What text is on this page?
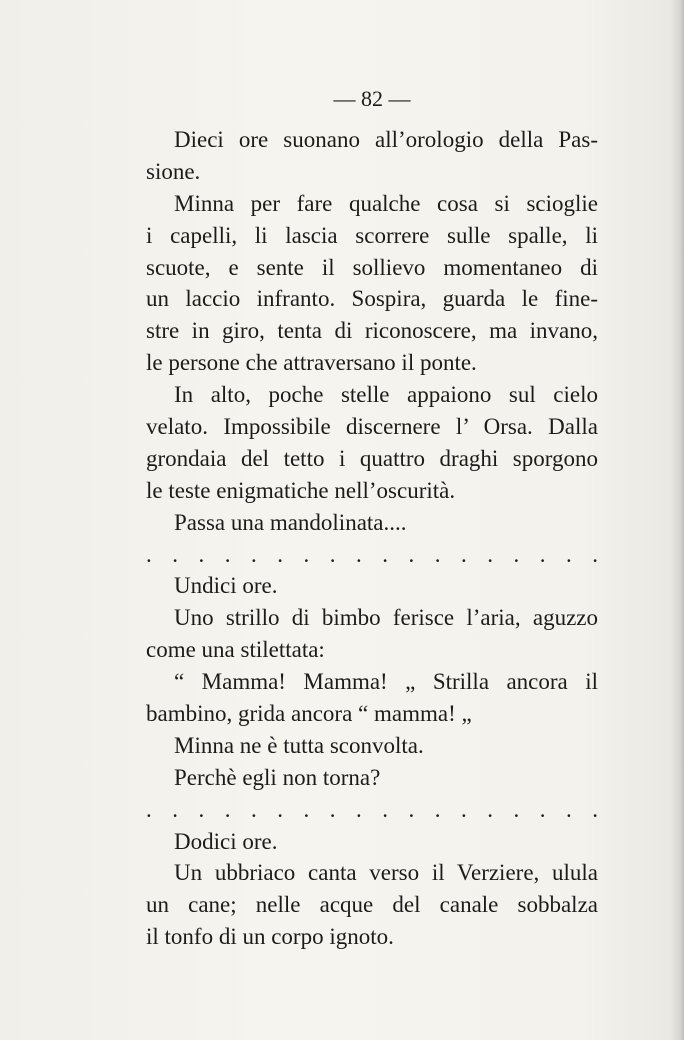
— 82 —
Dieci ore suonano all’orologio della Pas-
sione.
Minna per fare qualche cosa si scioglie
i capelli, li lascia scorrere sulle spalle, li
scuote, e sente il sollievo momentaneo di
un laccio infranto. Sospira, guarda le fine-
stre in giro, tenta di riconoscere, ma invano,
le persone che attraversano il ponte.
In alto, poche stelle appaiono sul cielo
velato. Impossibile discernere l’ Orsa. Dalla
grondaia del tetto i quattro draghi sporgono
le teste enigmatiche nell’oscurità.
Passa una mandolinata....
. . . . . . . . . . . . . . . . . .
Undici ore.
Uno strillo di bimbo ferisce l’aria, aguzzo
come una stilettata:
“ Mamma! Mamma! „ Strilla ancora il
bambino, grida ancora “ mamma! „
Minna ne è tutta sconvolta.
Perchè egli non torna?
. . . . . . . . . . . . . . . . . .
Dodici ore.
Un ubbriaco canta verso il Verziere, ulula
un cane; nelle acque del canale sobbalza
il tonfo di un corpo ignoto.
